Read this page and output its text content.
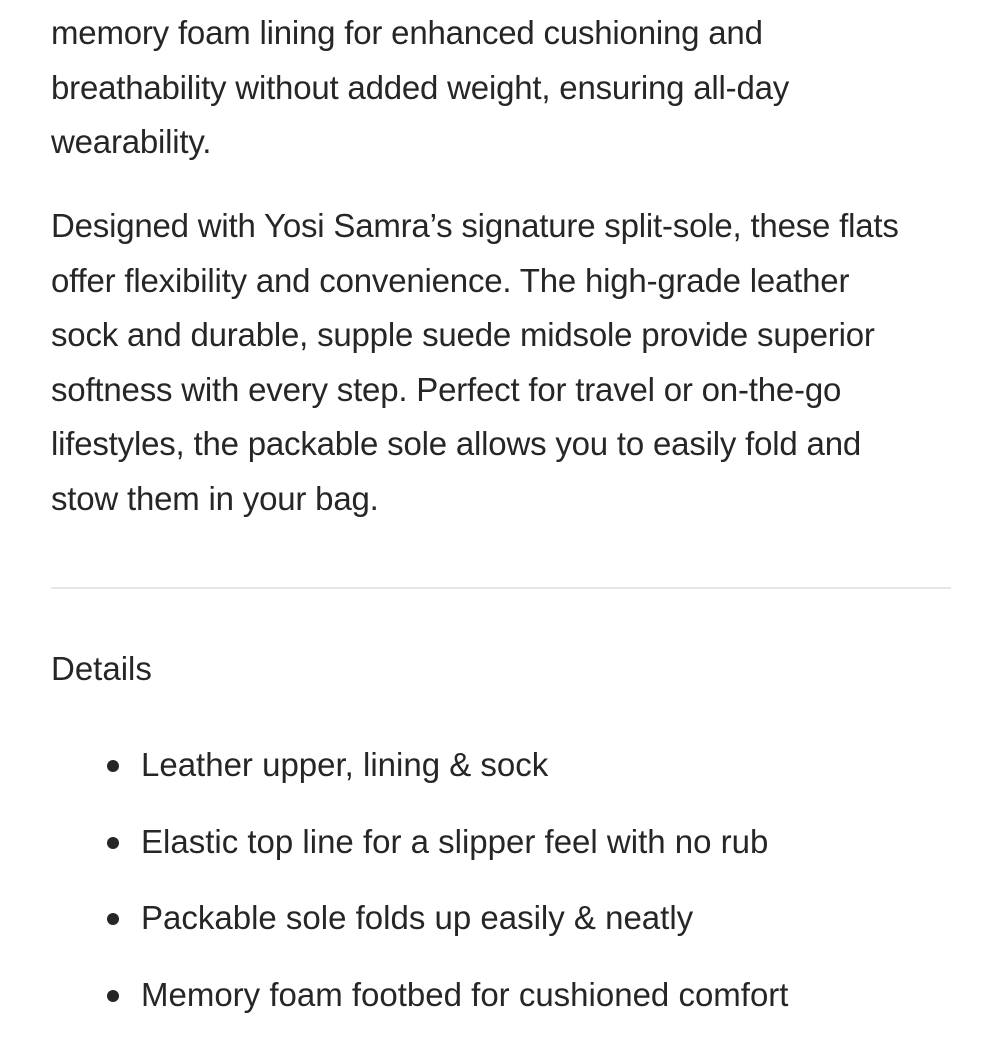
memory foam lining for enhanced cushioning and
breathability without added weight, ensuring all-day
wearability.

Designed with Yosi Samra’s signature split-sole, these flats
offer flexibility and convenience. The high-grade leather
sock and durable, supple suede midsole provide superior
softness with every step. Perfect for travel or on-the-go
lifestyles, the packable sole allows you to easily fold and
stow them in your bag.

Details
Leather upper, lining & sock
Elastic top line for a slipper feel with no rub
Packable sole folds up easily & neatly
Memory foam footbed for cushioned comfort
